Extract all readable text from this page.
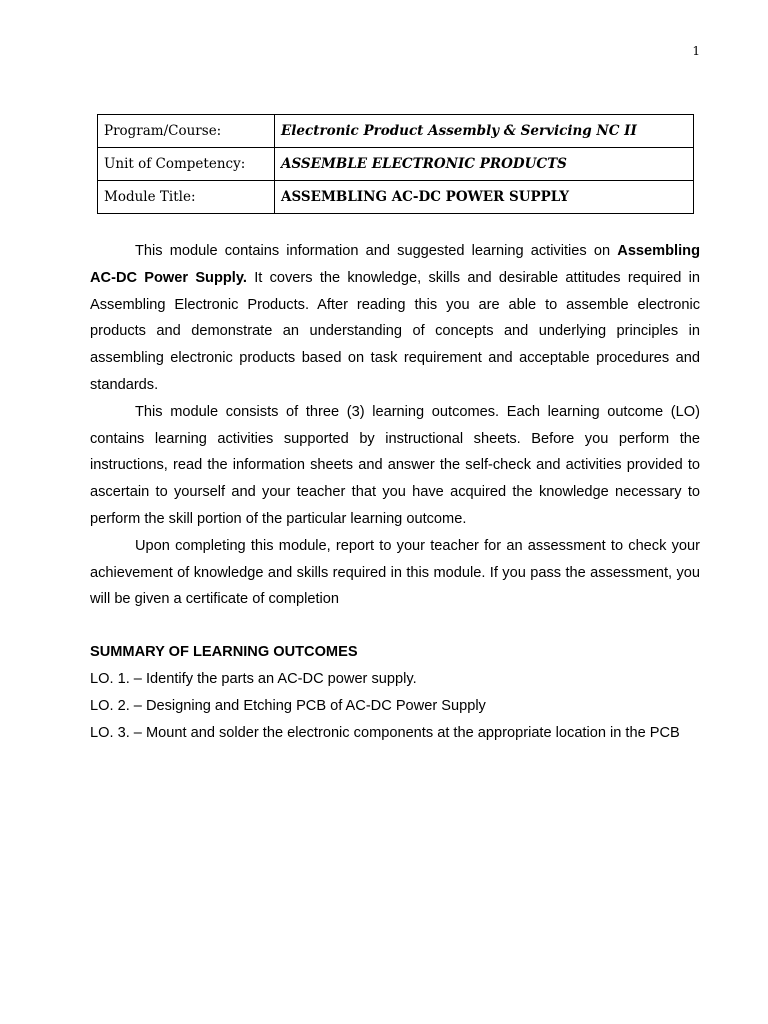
1
Program/Course:	Electronic Product Assembly & Servicing NC II
Unit of Competency:	ASSEMBLE ELECTRONIC PRODUCTS
Module Title:	ASSEMBLING AC-DC POWER SUPPLY

This module contains information and suggested learning activities on Assembling AC-DC Power Supply. It covers the knowledge, skills and desirable attitudes required in Assembling Electronic Products. After reading this you are able to assemble electronic products and demonstrate an understanding of concepts and underlying principles in assembling electronic products based on task requirement and acceptable procedures and standards.

This module consists of three (3) learning outcomes. Each learning outcome (LO) contains learning activities supported by instructional sheets. Before you perform the instructions, read the information sheets and answer the self-check and activities provided to ascertain to yourself and your teacher that you have acquired the knowledge necessary to perform the skill portion of the particular learning outcome.

Upon completing this module, report to your teacher for an assessment to check your achievement of knowledge and skills required in this module. If you pass the assessment, you will be given a certificate of completion

SUMMARY OF LEARNING OUTCOMES
LO. 1. – Identify the parts an AC-DC power supply.
LO. 2. – Designing and Etching PCB of AC-DC Power Supply
LO. 3. – Mount and solder the electronic components at the appropriate location in the PCB
